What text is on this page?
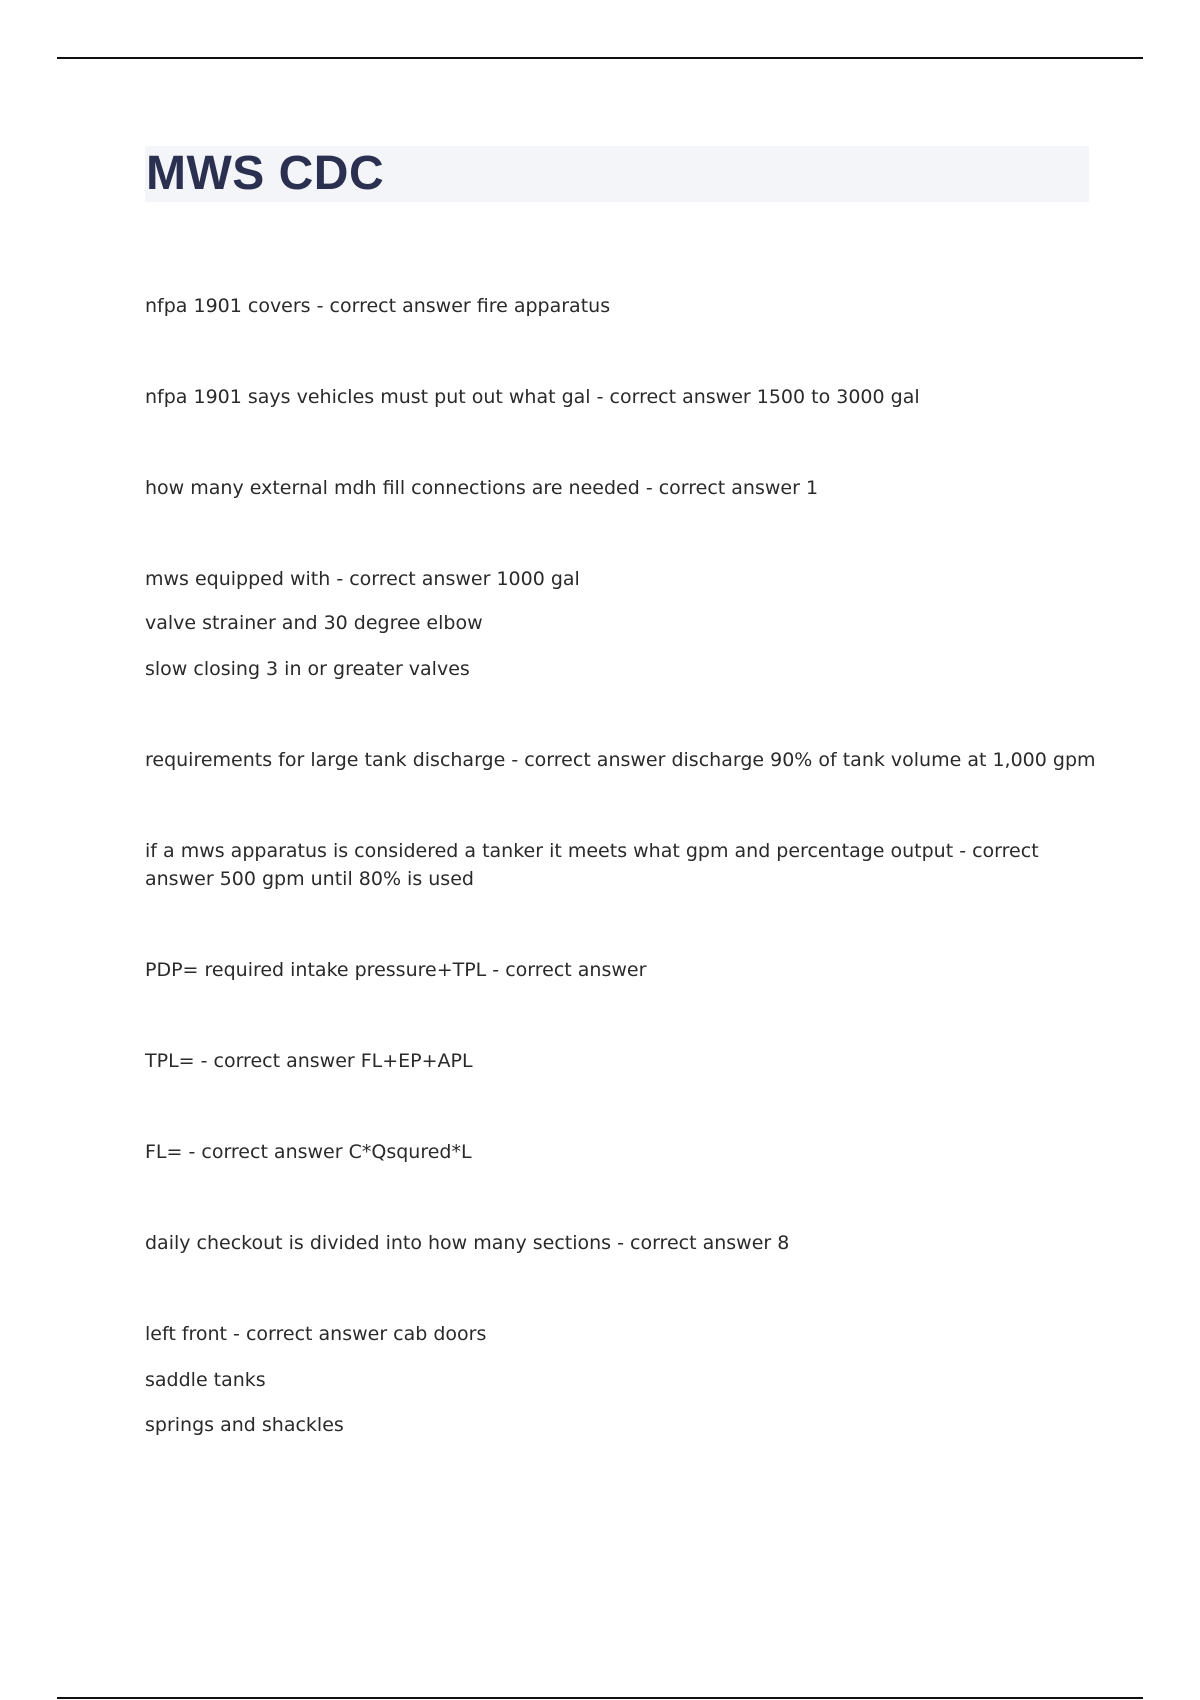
MWS CDC

nfpa 1901 covers - correct answer fire apparatus

nfpa 1901 says vehicles must put out what gal - correct answer 1500 to 3000 gal

how many external mdh fill connections are needed - correct answer 1

mws equipped with - correct answer 1000 gal

valve strainer and 30 degree elbow

slow closing 3 in or greater valves

requirements for large tank discharge - correct answer discharge 90% of tank volume at 1,000 gpm

if a mws apparatus is considered a tanker it meets what gpm and percentage output - correct answer 500 gpm until 80% is used

PDP= required intake pressure+TPL - correct answer

TPL= - correct answer FL+EP+APL

FL= - correct answer C*Qsqured*L

daily checkout is divided into how many sections - correct answer 8

left front - correct answer cab doors

saddle tanks

springs and shackles
